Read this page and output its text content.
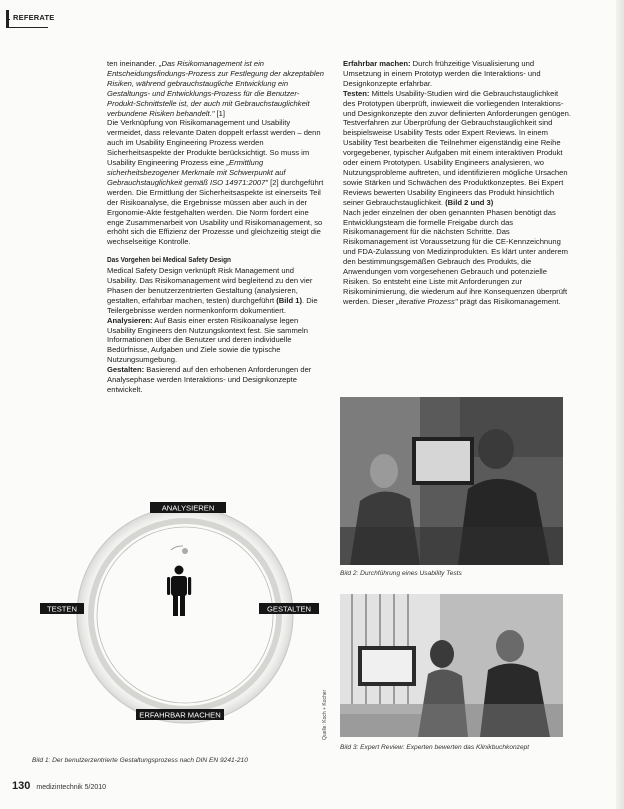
REFERATE

ten ineinander. „Das Risikomanagement ist ein Entscheidungsfindungs-Prozess zur Festlegung der akzeptablen Risiken, während gebrauchstaugliche Entwicklung ein Gestaltungs- und Entwicklungs-Prozess für die Benutzer-Produkt-Schnittstelle ist, der auch mit Gebrauchstauglichkeit verbundene Risiken behandelt." [1]

Die Verknüpfung von Risikomanagement und Usability vermeidet, dass relevante Daten doppelt erfasst werden – denn auch im Usability Engineering Prozess werden Sicherheitsaspekte der Produkte berücksichtigt. So muss im Usability Engineering Prozess eine „Ermittlung sicherheitsbezogener Merkmale mit Schwerpunkt auf Gebrauchstauglichkeit gemäß ISO 14971:2007" [2] durchgeführt werden. Die Ermittlung der Sicherheitsaspekte ist einerseits Teil der Risikoanalyse, die Ergebnisse müssen aber auch in der Ergonomie-Akte festgehalten werden. Die Norm fordert eine enge Zusammenarbeit von Usability und Risikomanagement, so erhöht sich die Effizienz der Prozesse und gleichzeitig steigt die wechselseitige Kontrolle.

Das Vorgehen bei Medical Safety Design

Medical Safety Design verknüpft Risk Management und Usability. Das Risikomanagement wird begleitend zu den vier Phasen der benutzerzentrierten Gestaltung (analysieren, gestalten, erfahrbar machen, testen) durchgeführt (Bild 1). Die Teilergebnisse werden normenkonform dokumentiert.

Analysieren: Auf Basis einer ersten Risikoanalyse legen Usability Engineers den Nutzungskontext fest. Sie sammeln Informationen über die Benutzer und deren individuelle Bedürfnisse, Aufgaben und Ziele sowie die typische Nutzungsumgebung.

Gestalten: Basierend auf den erhobenen Anforderungen der Analysephase werden Interaktions- und Designkonzepte entwickelt.

Erfahrbar machen: Durch frühzeitige Visualisierung und Umsetzung in einem Prototyp werden die Interaktions- und Designkonzepte erfahrbar.

Testen: Mittels Usability-Studien wird die Gebrauchstauglichkeit des Prototypen überprüft, inwieweit die vorliegenden Interaktions- und Designkonzepte den zuvor definierten Anforderungen genügen.

Testverfahren zur Überprüfung der Gebrauchstauglichkeit sind beispielsweise Usability Tests oder Expert Reviews. In einem Usability Test bearbeiten die Teilnehmer eigenständig eine Reihe vorgegebener, typischer Aufgaben mit einem interaktiven Produkt oder einem Prototypen. Usability Engineers analysieren, wo Nutzungsprobleme auftreten, und identifizieren mögliche Ursachen sowie Stärken und Schwächen des Produktkonzeptes. Bei Expert Reviews bewerten Usability Engineers das Produkt hinsichtlich seiner Gebrauchstauglichkeit. (Bild 2 und 3)

Nach jeder einzelnen der oben genannten Phasen benötigt das Entwicklungsteam die formelle Freigabe durch das Risikomanagement für die nächsten Schritte. Das Risikomanagement ist Voraussetzung für die CE-Kennzeichnung und FDA-Zulassung von Medizinprodukten. Es klärt unter anderem den bestimmungsgemäßen Gebrauch des Produkts, die Anwendungen vom vorgesehenen Gebrauch und potenzielle Risiken. So entsteht eine Liste mit Anforderungen zur Risikominimierung, die wiederum auf ihre Konsequenzen überprüft werden. Dieser „iterative Prozess" prägt das Risikomanagement.

ANALYSIEREN
TESTEN	GESTALTEN
ERFAHRBAR MACHEN	Quelle: Koch + Kocher
Bild 1: Der benutzerzentrierte Gestaltungsprozess nach DIN EN 9241-210
Bild 2: Durchführung eines Usability Tests
Bild 3: Expert Review: Experten bewerten das Klinikbuchkonzept
130 medizintechnik 5/2010
